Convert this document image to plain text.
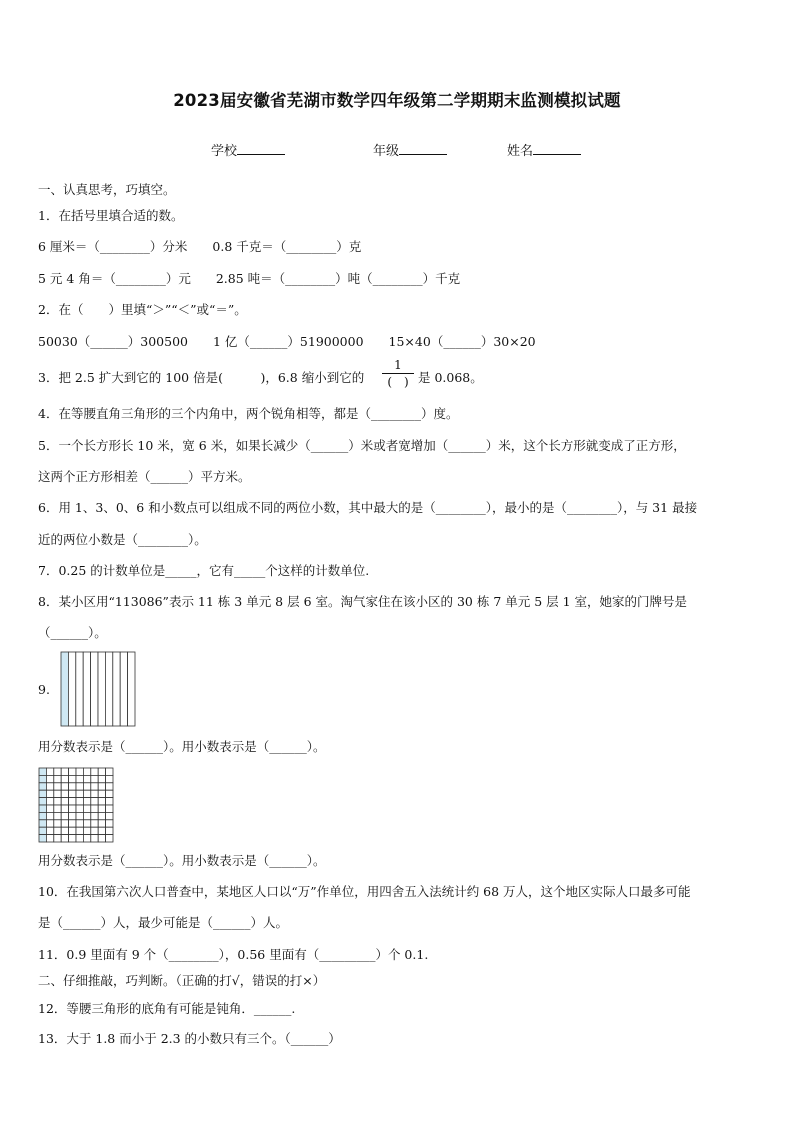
2023届安徽省芜湖市数学四年级第二学期期末监测模拟试题
学校	年级	姓名
一、认真思考，巧填空。
1．在括号里填合适的数。
6 厘米＝（________）分米　　0.8 千克＝（________）克
5 元 4 角＝（________）元　　2.85 吨＝（________）吨（________）千克
2．在（　　）里填“＞”“＜”或“＝”。
50030（______）300500　　1 亿（______）51900000　　15×40（______）30×20
3．把 2.5 扩大到它的 100 倍是(　　　)，6.8 缩小到它的
1
(　) 是 0.068。
4．在等腰直角三角形的三个内角中，两个锐角相等，都是（________）度。
5．一个长方形长 10 米，宽 6 米，如果长减少（______）米或者宽增加（______）米，这个长方形就变成了正方形，
这两个正方形相差（______）平方米。
6．用 1、3、0、6 和小数点可以组成不同的两位小数，其中最大的是（________），最小的是（________），与 31 最接
近的两位小数是（________）。
7．0.25 的计数单位是_____，它有_____个这样的计数单位.
8．某小区用“113086”表示 11 栋 3 单元 8 层 6 室。淘气家住在该小区的 30 栋 7 单元 5 层 1 室，她家的门牌号是
（______）。
9.
用分数表示是（______）。用小数表示是（______）。
用分数表示是（______）。用小数表示是（______）。
10．在我国第六次人口普查中，某地区人口以“万”作单位，用四舍五入法统计约 68 万人，这个地区实际人口最多可能
是（______）人，最少可能是（______）人。
11．0.9 里面有 9 个（________），0.56 里面有（_________）个 0.1.
二、仔细推敲，巧判断。（正确的打√，错误的打×）
12．等腰三角形的底角有可能是钝角．______.
13．大于 1.8 而小于 2.3 的小数只有三个。（______）
